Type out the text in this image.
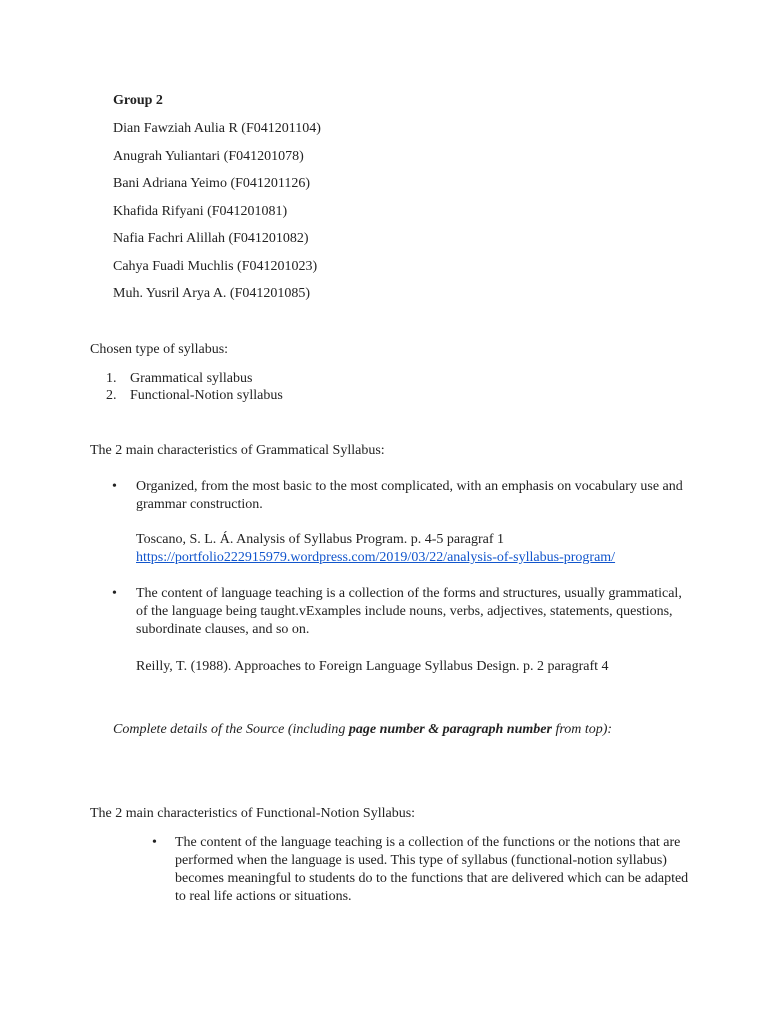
Group 2
Dian Fawziah Aulia R (F041201104)
Anugrah Yuliantari (F041201078)
Bani Adriana Yeimo (F041201126)
Khafida Rifyani (F041201081)
Nafia Fachri Alillah (F041201082)
Cahya Fuadi Muchlis (F041201023)
Muh. Yusril Arya A. (F041201085)
Chosen type of syllabus:
1. Grammatical syllabus
2. Functional-Notion syllabus
The 2 main characteristics of Grammatical Syllabus:
• Organized, from the most basic to the most complicated, with an emphasis on vocabulary use and grammar construction.
Toscano, S. L. Á. Analysis of Syllabus Program. p. 4-5 paragraf 1
https://portfolio222915979.wordpress.com/2019/03/22/analysis-of-syllabus-program/
• The content of language teaching is a collection of the forms and structures, usually grammatical, of the language being taught.vExamples include nouns, verbs, adjectives, statements, questions, subordinate clauses, and so on.
Reilly, T. (1988). Approaches to Foreign Language Syllabus Design. p. 2 paragraft 4
Complete details of the Source (including page number & paragraph number from top):
The 2 main characteristics of Functional-Notion Syllabus:
• The content of the language teaching is a collection of the functions or the notions that are performed when the language is used. This type of syllabus (functional-notion syllabus) becomes meaningful to students do to the functions that are delivered which can be adapted to real life actions or situations.
